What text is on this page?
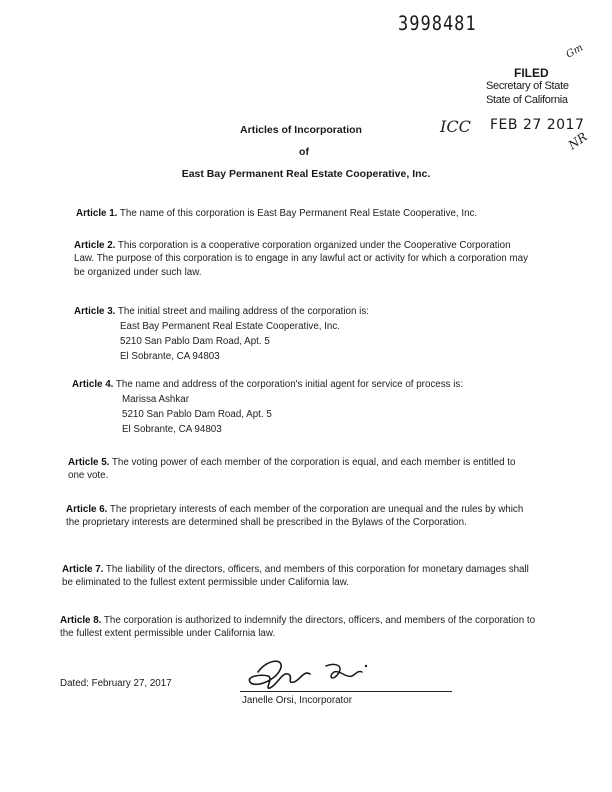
3998481
Gm
FILED
Secretary of State
State of California
ICC FEB 27 2017
NR
Articles of Incorporation
of
East Bay Permanent Real Estate Cooperative, Inc.
Article 1. The name of this corporation is East Bay Permanent Real Estate Cooperative, Inc.
Article 2. This corporation is a cooperative corporation organized under the Cooperative Corporation Law. The purpose of this corporation is to engage in any lawful act or activity for which a corporation may be organized under such law.
Article 3. The initial street and mailing address of the corporation is:
East Bay Permanent Real Estate Cooperative, Inc.
5210 San Pablo Dam Road, Apt. 5
El Sobrante, CA 94803
Article 4. The name and address of the corporation's initial agent for service of process is:
Marissa Ashkar
5210 San Pablo Dam Road, Apt. 5
El Sobrante, CA 94803
Article 5. The voting power of each member of the corporation is equal, and each member is entitled to one vote.
Article 6. The proprietary interests of each member of the corporation are unequal and the rules by which the proprietary interests are determined shall be prescribed in the Bylaws of the Corporation.
Article 7. The liability of the directors, officers, and members of this corporation for monetary damages shall be eliminated to the fullest extent permissible under California law.
Article 8. The corporation is authorized to indemnify the directors, officers, and members of the corporation to the fullest extent permissible under California law.
Dated: February 27, 2017
Janelle Orsi, Incorporator
